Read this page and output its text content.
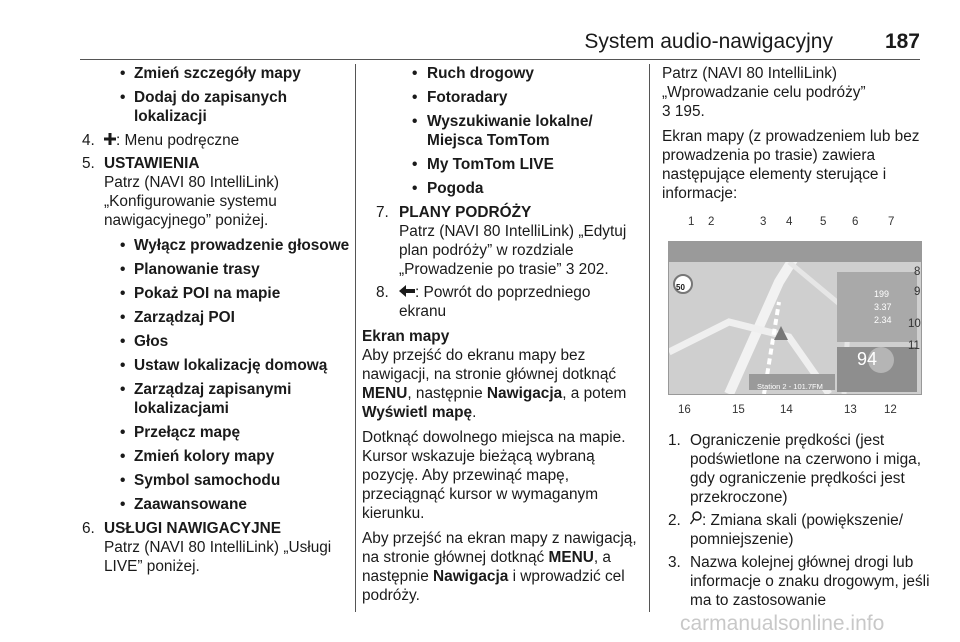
System audio-nawigacyjny 187
• Zmień szczegóły mapy
• Dodaj do zapisanych lokalizacji
4. : Menu podręczne
5. USTAWIENIA
Patrz (NAVI 80 IntelliLink) „Konfigurowanie systemu nawigacyjnego” poniżej.
• Wyłącz prowadzenie głosowe
• Planowanie trasy
• Pokaż POI na mapie
• Zarządzaj POI
• Głos
• Ustaw lokalizację domową
• Zarządzaj zapisanymi lokalizacjami
• Przełącz mapę
• Zmień kolory mapy
• Symbol samochodu
• Zaawansowane
6. USŁUGI NAWIGACYJNE
Patrz (NAVI 80 IntelliLink) „Usługi LIVE” poniżej.
• Ruch drogowy
• Fotoradary
• Wyszukiwanie lokalne/ Miejsca TomTom
• My TomTom LIVE
• Pogoda
7. PLANY PODRÓŻY
Patrz (NAVI 80 IntelliLink) „Edytuj plan podróży” w rozdziale „Prowadzenie po trasie” 3 202.
8. : Powrót do poprzedniego ekranu
Ekran mapy

Aby przejść do ekranu mapy bez nawigacji, na stronie głównej dotknąć MENU, następnie Nawigacja, a potem Wyświetl mapę.

Dotknąć dowolnego miejsca na mapie. Kursor wskazuje bieżącą wybraną pozycję. Aby przewinąć mapę, przeciągnąć kursor w wymaganym kierunku.

Aby przejść na ekran mapy z nawigacją, na stronie głównej dotknąć MENU, a następnie Nawigacja i wprowadzić cel podróży.

Patrz (NAVI 80 IntelliLink) „Wprowadzanie celu podróży”
3 195.

Ekran mapy (z prowadzeniem lub bez prowadzenia po trasie) zawiera następujące elementy sterujące i informacje:

50
199
3.37
2.34
94
Station 2 - 101.7FM
1 2	3 4 5 6	7
8
9
10
11
16	15	14	13 12
1. Ograniczenie prędkości (jest podświetlone na czerwono i miga, gdy ograniczenie prędkości jest przekroczone)
2. : Zmiana skali (powiększenie/ pomniejszenie)
3. Nazwa kolejnej głównej drogi lub informacje o znaku drogowym, jeśli ma to zastosowanie
carmanualsonline.info
